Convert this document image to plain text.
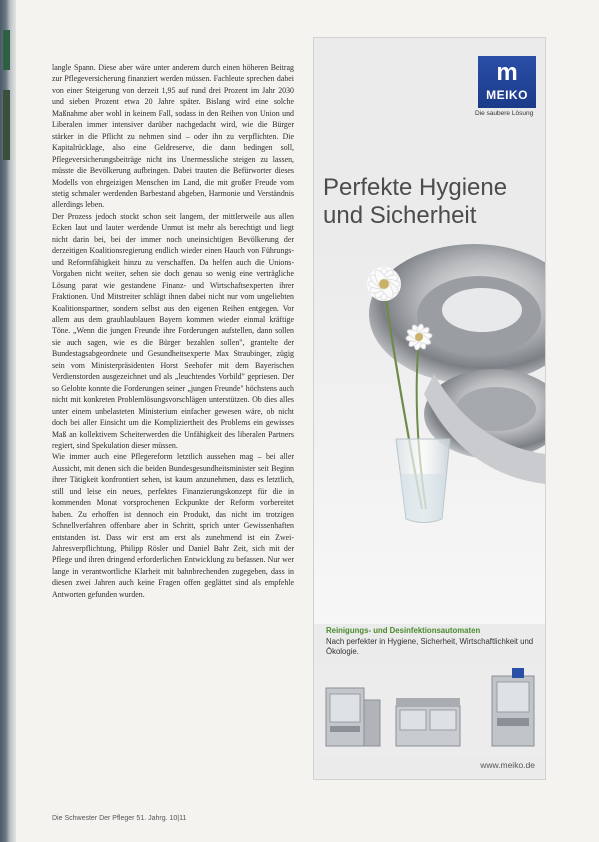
langle Spann. Diese aber wäre unter anderem durch einen höheren Beitrag zur Pflegeversicherung finanziert werden müssen. Fachleute sprechen dabei von einer Steigerung von derzeit 1,95 auf rund drei Prozent im Jahr 2030 und sieben Prozent etwa 20 Jahre später. Bislang wird eine solche Maßnahme aber wohl in keinem Fall, sodass in den Reihen von Union und Liberalen immer intensiver darüber nachgedacht wird, wie die Bürger stärker in die Pflicht zu nehmen sind – oder ihn zu verpflichten. Die Kapitalrücklage, also eine Geldreserve, die dann bedingen soll, Pflegeversicherungsbeiträge nicht ins Unermessliche steigen zu lassen, müsste die Bevölkerung aufbringen. Dabei trauten die Befürworter dieses Modells von ehrgeizigen Menschen im Land, die mit großer Freude vom stetig schmaler werdenden Barbestand abgeben, Harmonie und Verständnis allerdings leben.

Der Prozess jedoch stockt schon seit langem, der mittlerweile aus allen Ecken laut und lauter werdende Unmut ist mehr als berechtigt und liegt nicht darin bei, bei der immer noch uneinsichtigen Bevölkerung der derzeitigen Koalitionsregierung endlich wieder einen Hauch von Führungs- und Reformfähigkeit hinzu zu verschaffen. Da helfen auch die Unions-Vorgaben nicht weiter, sehen sie doch genau so wenig eine verträgliche Lösung parat wie gestandene Finanz- und Wirtschaftsexperten ihrer Fraktionen. Und Mitstreiter schlägt ihnen dabei nicht nur vom ungeliebten Koalitionspartner, sondern selbst aus den eigenen Reihen entgegen. Vor allem aus dem graublaublauen Bayern kommen wieder einmal kräftige Töne. „Wenn die jungen Freunde ihre Forderungen aufstellen, dann sollen sie auch sagen, wie es die Bürger bezahlen sollen", grantelte der Bundestagsabgeordnete und Gesundheitsexperte Max Straubinger, zügig sein vom Ministerpräsidenten Horst Seehofer mit dem Bayerischen Verdienstorden ausgezeichnet und als „leuchtendes Vorbild" gepriesen. Der so Gelobte konnte die Forderungen seiner „jungen Freunde" höchstens auch nicht mit konkreten Problemlösungsvorschlägen unterstützen. Ob dies alles unter einem unbelasteten Ministerium einfacher gewesen wäre, ob nicht doch bei aller Einsicht um die Kompliziertheit des Problems ein gewisses Maß an kollektivem Scheiterwerden die Unfähigkeit des liberalen Partners regiert, sind Spekulation dieser müssen.

Wie immer auch eine Pflegereform letztlich aussehen mag – bei aller Aussicht, mit denen sich die beiden Bundesgesundheitsminister seit Beginn ihrer Tätigkeit konfrontiert sehen, ist kaum anzunehmen, dass es letztlich, still und leise ein neues, perfektes Finanzierungskonzept für die in kommenden Monat vorsprochenen Eckpunkte der Reform vorbereitet haben. Zu erhoffen ist dennoch ein Produkt, das nicht im trotzigen Schnellverfahren offenbare aber in Schritt, sprich unter Gewissenhaften entstanden ist. Dass wir erst am erst als zunehmend ist ein Zwei-Jahresverpflichtung, Philipp Rösler und Daniel Bahr Zeit, sich mit der Pflege und ihren dringend erforderlichen Entwicklung zu befassen. Nur wer lange in verantwortliche Klarheit mit bahnbrechenden zugegeben, dass in diesen zwei Jahren auch keine Fragen offen geglättet sind als empfehle Antworten gefunden wurden.

Die Schwester Der Pfleger 51. Jahrg. 10|11
m
MEIKO
Die saubere Lösung
Perfekte Hygiene
und Sicherheit
Reinigungs- und Desinfektionsautomaten
Nach perfekter in Hygiene, Sicherheit, Wirtschaftlichkeit und Ökologie.
www.meiko.de
